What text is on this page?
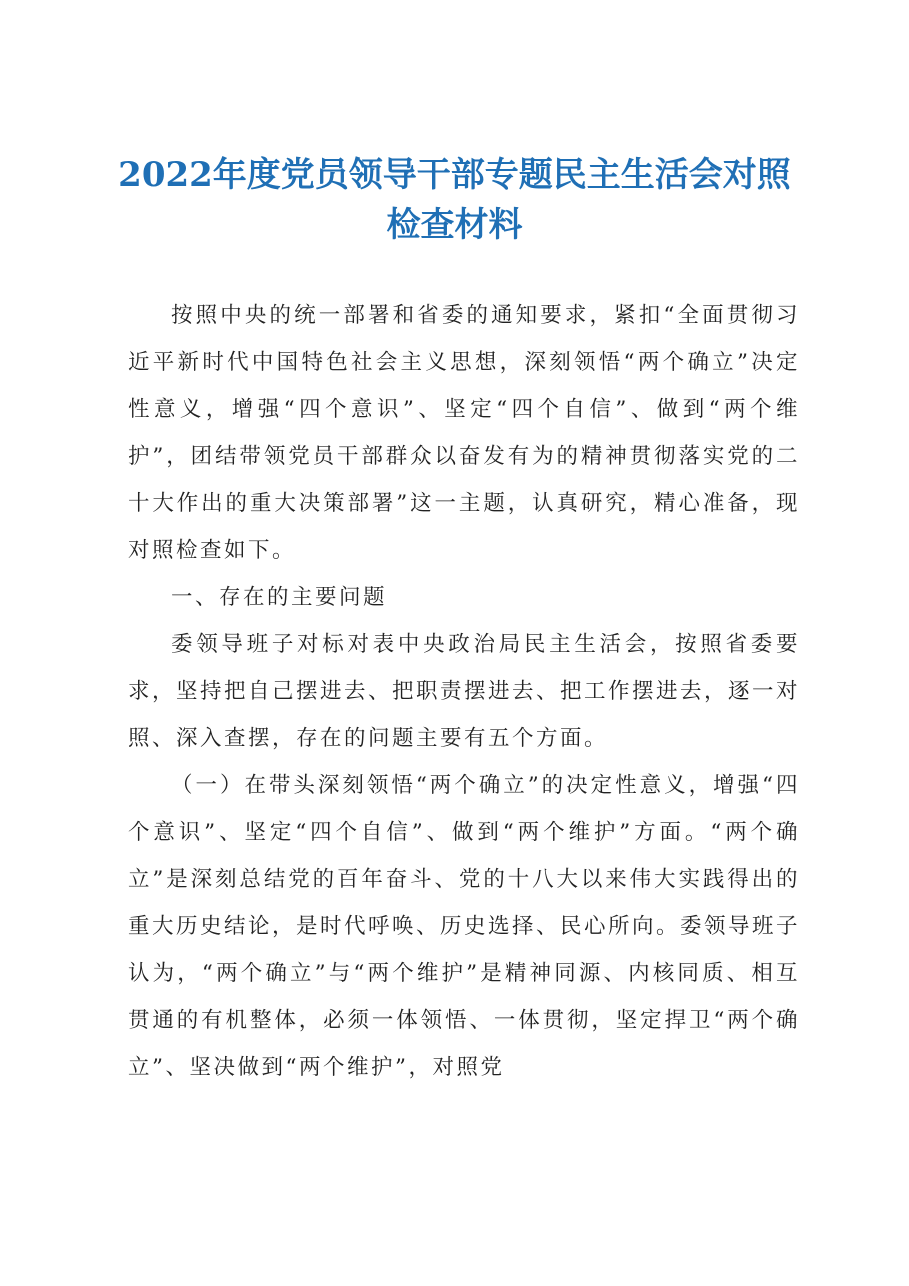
2022年度党员领导干部专题民主生活会对照
检查材料

按照中央的统一部署和省委的通知要求，紧扣“全面贯彻习近平新时代中国特色社会主义思想，深刻领悟“两个确立”决定性意义，增强“四个意识”、坚定“四个自信”、做到“两个维护”，团结带领党员干部群众以奋发有为的精神贯彻落实党的二十大作出的重大决策部署”这一主题，认真研究，精心准备，现对照检查如下。

一、存在的主要问题

委领导班子对标对表中央政治局民主生活会，按照省委要求，坚持把自己摆进去、把职责摆进去、把工作摆进去，逐一对照、深入查摆，存在的问题主要有五个方面。

（一）在带头深刻领悟“两个确立”的决定性意义，增强“四个意识”、坚定“四个自信”、做到“两个维护”方面。“两个确立”是深刻总结党的百年奋斗、党的十八大以来伟大实践得出的重大历史结论，是时代呼唤、历史选择、民心所向。委领导班子认为，“两个确立”与“两个维护”是精神同源、内核同质、相互贯通的有机整体，必须一体领悟、一体贯彻，坚定捍卫“两个确立”、坚决做到“两个维护”，对照党
